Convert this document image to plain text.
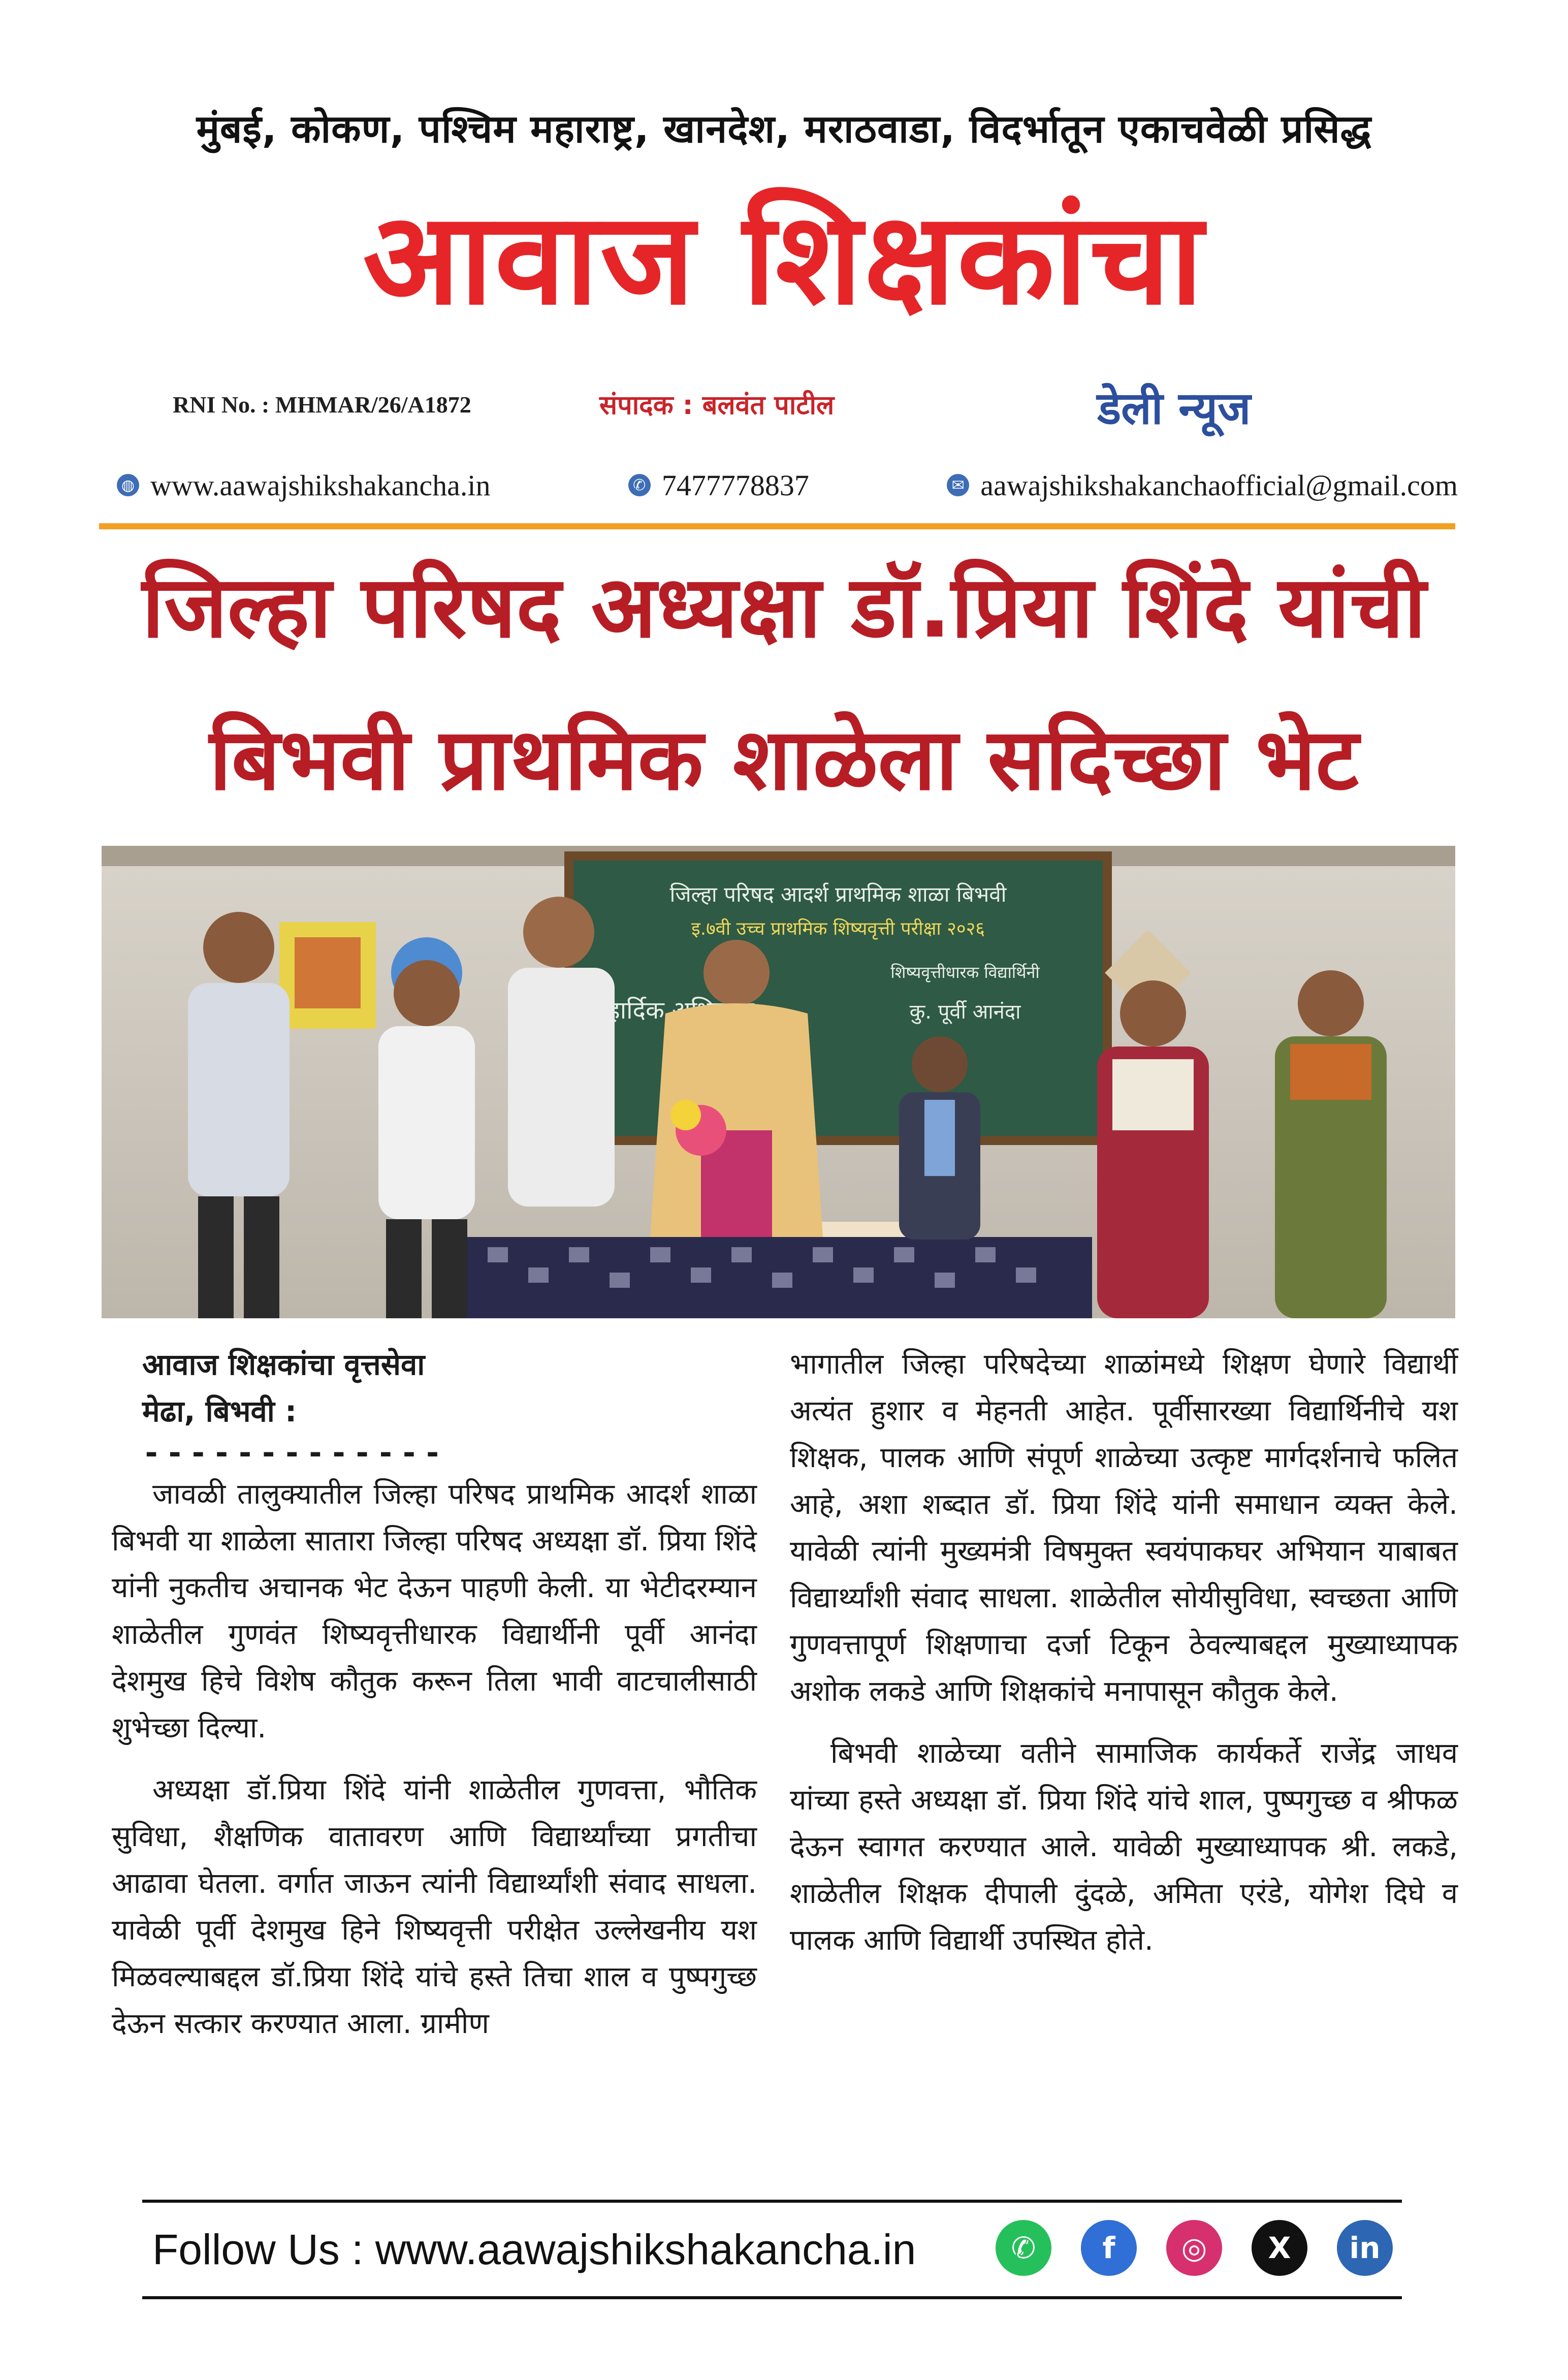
मुंबई, कोकण, पश्चिम महाराष्ट्र, खानदेश, मराठवाडा, विदर्भातून एकाचवेळी प्रसिद्ध
आवाज शिक्षकांचा
RNI No. : MHMAR/26/A1872	संपादक : बलवंत पाटील	डेली न्यूज
◍ www.aawajshikshakancha.in	✆ 7477778837	✉ aawajshikshakanchaofficial@gmail.com
जिल्हा परिषद अध्यक्षा डॉ.प्रिया शिंदे यांची
बिभवी प्राथमिक शाळेला सदिच्छा भेट
जिल्हा परिषद आदर्श प्राथमिक शाळा बिभवी
इ.७वी उच्च प्राथमिक शिष्यवृत्ती परीक्षा २०२६
शिष्यवृत्तीधारक विद्यार्थिनी
हार्दिक	कु. पूर्वी आनंदा
आवाज शिक्षकांचा वृत्तसेवा
मेढा, बिभवी :
-------------

जावळी तालुक्यातील जिल्हा परिषद प्राथमिक आदर्श शाळा बिभवी या शाळेला सातारा जिल्हा परिषद अध्यक्षा डॉ. प्रिया शिंदे यांनी नुकतीच अचानक भेट देऊन पाहणी केली. या भेटीदरम्यान शाळेतील गुणवंत शिष्यवृत्तीधारक विद्यार्थीनी पूर्वी आनंदा देशमुख हिचे विशेष कौतुक करून तिला भावी वाटचालीसाठी शुभेच्छा दिल्या.

अध्यक्षा डॉ.प्रिया शिंदे यांनी शाळेतील गुणवत्ता, भौतिक सुविधा, शैक्षणिक वातावरण आणि विद्यार्थ्यांच्या प्रगतीचा आढावा घेतला. वर्गात जाऊन त्यांनी विद्यार्थ्यांशी संवाद साधला. यावेळी पूर्वी देशमुख हिने शिष्यवृत्ती परीक्षेत उल्लेखनीय यश मिळवल्याबद्दल डॉ.प्रिया शिंदे यांचे हस्ते तिचा शाल व पुष्पगुच्छ देऊन सत्कार करण्यात आला. ग्रामीण

भागातील जिल्हा परिषदेच्या शाळांमध्ये शिक्षण घेणारे विद्यार्थी अत्यंत हुशार व मेहनती आहेत. पूर्वीसारख्या विद्यार्थिनीचे यश शिक्षक, पालक आणि संपूर्ण शाळेच्या उत्कृष्ट मार्गदर्शनाचे फलित आहे, अशा शब्दात डॉ. प्रिया शिंदे यांनी समाधान व्यक्त केले. यावेळी त्यांनी मुख्यमंत्री विषमुक्त स्वयंपाकघर अभियान याबाबत विद्यार्थ्यांशी संवाद साधला. शाळेतील सोयीसुविधा, स्वच्छता आणि गुणवत्तापूर्ण शिक्षणाचा दर्जा टिकून ठेवल्याबद्दल मुख्याध्यापक अशोक लकडे आणि शिक्षकांचे मनापासून कौतुक केले.

बिभवी शाळेच्या वतीने सामाजिक कार्यकर्ते राजेंद्र जाधव यांच्या हस्ते अध्यक्षा डॉ. प्रिया शिंदे यांचे शाल, पुष्पगुच्छ व श्रीफळ देऊन स्वागत करण्यात आले. यावेळी मुख्याध्यापक श्री. लकडे, शाळेतील शिक्षक दीपाली दुंदळे, अमिता एरंडे, योगेश दिघे व पालक आणि विद्यार्थी उपस्थित होते.

Follow Us : www.aawajshikshakancha.in	✆	f	◎	X	in
